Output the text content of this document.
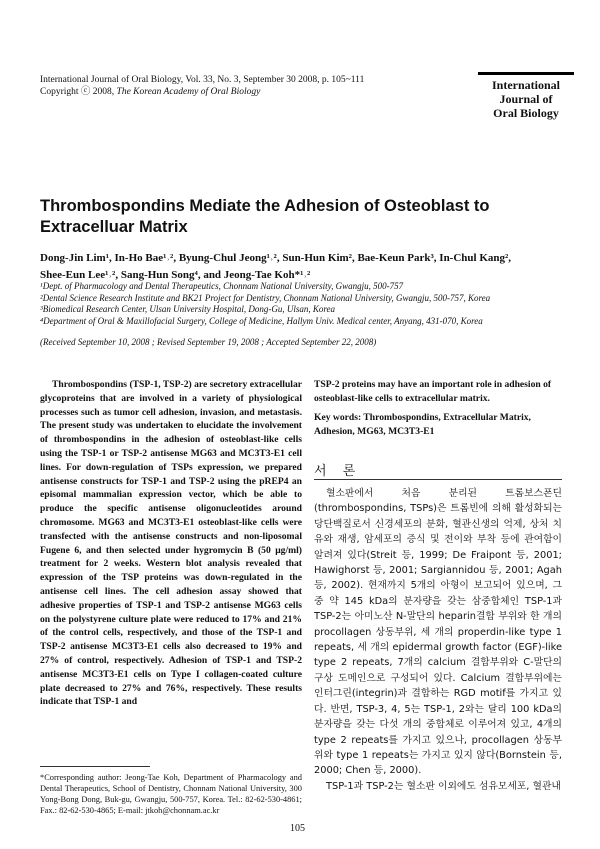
International Journal of Oral Biology, Vol. 33, No. 3, September 30 2008, p. 105~111
Copyright ⓒ 2008, The Korean Academy of Oral Biology	International
Journal of
Oral Biology
Thrombospondins Mediate the Adhesion of Osteoblast to Extracelluar Matrix
Dong-Jin Lim¹, In-Ho Bae¹˒², Byung-Chul Jeong¹˒², Sun-Hun Kim², Bae-Keun Park³, In-Chul Kang²,
Shee-Eun Lee¹˒², Sang-Hun Song⁴, and Jeong-Tae Koh*¹˒²
¹Dept. of Pharmacology and Dental Therapeutics, Chonnam National University, Gwangju, 500-757
²Dental Science Research Institute and BK21 Project for Dentistry, Chonnam National University, Gwangju, 500-757, Korea
³Biomedical Research Center, Ulsan University Hospital, Dong-Gu, Ulsan, Korea
⁴Department of Oral & Maxillofacial Surgery, College of Medicine, Hallym Univ. Medical center, Anyang, 431-070, Korea
(Received September 10, 2008 ; Revised September 19, 2008 ; Accepted September 22, 2008)
Thrombospondins (TSP-1, TSP-2) are secretory extracellular glycoproteins that are involved in a variety of physiological processes such as tumor cell adhesion, invasion, and metastasis. The present study was undertaken to elucidate the involvement of thrombospondins in the adhesion of osteoblast-like cells using the TSP-1 or TSP-2 antisense MG63 and MC3T3-E1 cell lines. For down-regulation of TSPs expression, we prepared antisense constructs for TSP-1 and TSP-2 using the pREP4 an episomal mammalian expression vector, which be able to produce the specific antisense oligonucleotides around chromosome. MG63 and MC3T3-E1 osteoblast-like cells were transfected with the antisense constructs and non-liposomal Fugene 6, and then selected under hygromycin B (50 μg/ml) treatment for 2 weeks. Western blot analysis revealed that expression of the TSP proteins was down-regulated in the antisense cell lines. The cell adhesion assay showed that adhesive properties of TSP-1 and TSP-2 antisense MG63 cells on the polystyrene culture plate were reduced to 17% and 21% of the control cells, respectively, and those of the TSP-1 and TSP-2 antisense MC3T3-E1 cells also decreased to 19% and 27% of control, respectively. Adhesion of TSP-1 and TSP-2 antisense MC3T3-E1 cells on Type I collagen-coated culture plate decreased to 27% and 76%, respectively. These results indicate that TSP-1 and
TSP-2 proteins may have an important role in adhesion of osteoblast-like cells to extracellular matrix.
Key words: Thrombospondins, Extracellular Matrix, Adhesion, MG63, MC3T3-E1
서 론

혈소판에서 처음 분리된 트롬보스폰딘(thrombospondins, TSPs)은 트롬빈에 의해 활성화되는 당단백질로서 신경세포의 분화, 혈관신생의 억제, 상처 치유와 재생, 암세포의 증식 및 전이와 부착 등에 관여함이 알려져 있다(Streit 등, 1999; De Fraipont 등, 2001; Hawighorst 등, 2001; Sargiannidou 등, 2001; Agah 등, 2002). 현재까지 5개의 아형이 보고되어 있으며, 그 중 약 145 kDa의 분자량을 갖는 삼중합체인 TSP-1과 TSP-2는 아미노산 N-말단의 heparin결합 부위와 한 개의 procollagen 상동부위, 세 개의 properdin-like type 1 repeats, 세 개의 epidermal growth factor (EGF)-like type 2 repeats, 7개의 calcium 결합부위와 C-말단의 구상 도메인으로 구성되어 있다. Calcium 결합부위에는 인터그린(integrin)과 결합하는 RGD motif를 가지고 있다. 반면, TSP-3, 4, 5는 TSP-1, 2와는 달리 100 kDa의 분자량을 갖는 다섯 개의 중합체로 이루어져 있고, 4개의 type 2 repeats를 가지고 있으나, procollagen 상동부위와 type 1 repeats는 가지고 있지 않다(Bornstein 등, 2000; Chen 등, 2000).

TSP-1과 TSP-2는 혈소판 이외에도 섬유모세포, 혈관내

*Corresponding author: Jeong-Tae Koh, Department of Pharmacology and Dental Therapeutics, School of Dentistry, Chonnam National University, 300 Yong-Bong Dong, Buk-gu, Gwangju, 500-757, Korea. Tel.: 82-62-530-4861; Fax.: 82-62-530-4865; E-mail: jtkoh@chonnam.ac.kr
105
